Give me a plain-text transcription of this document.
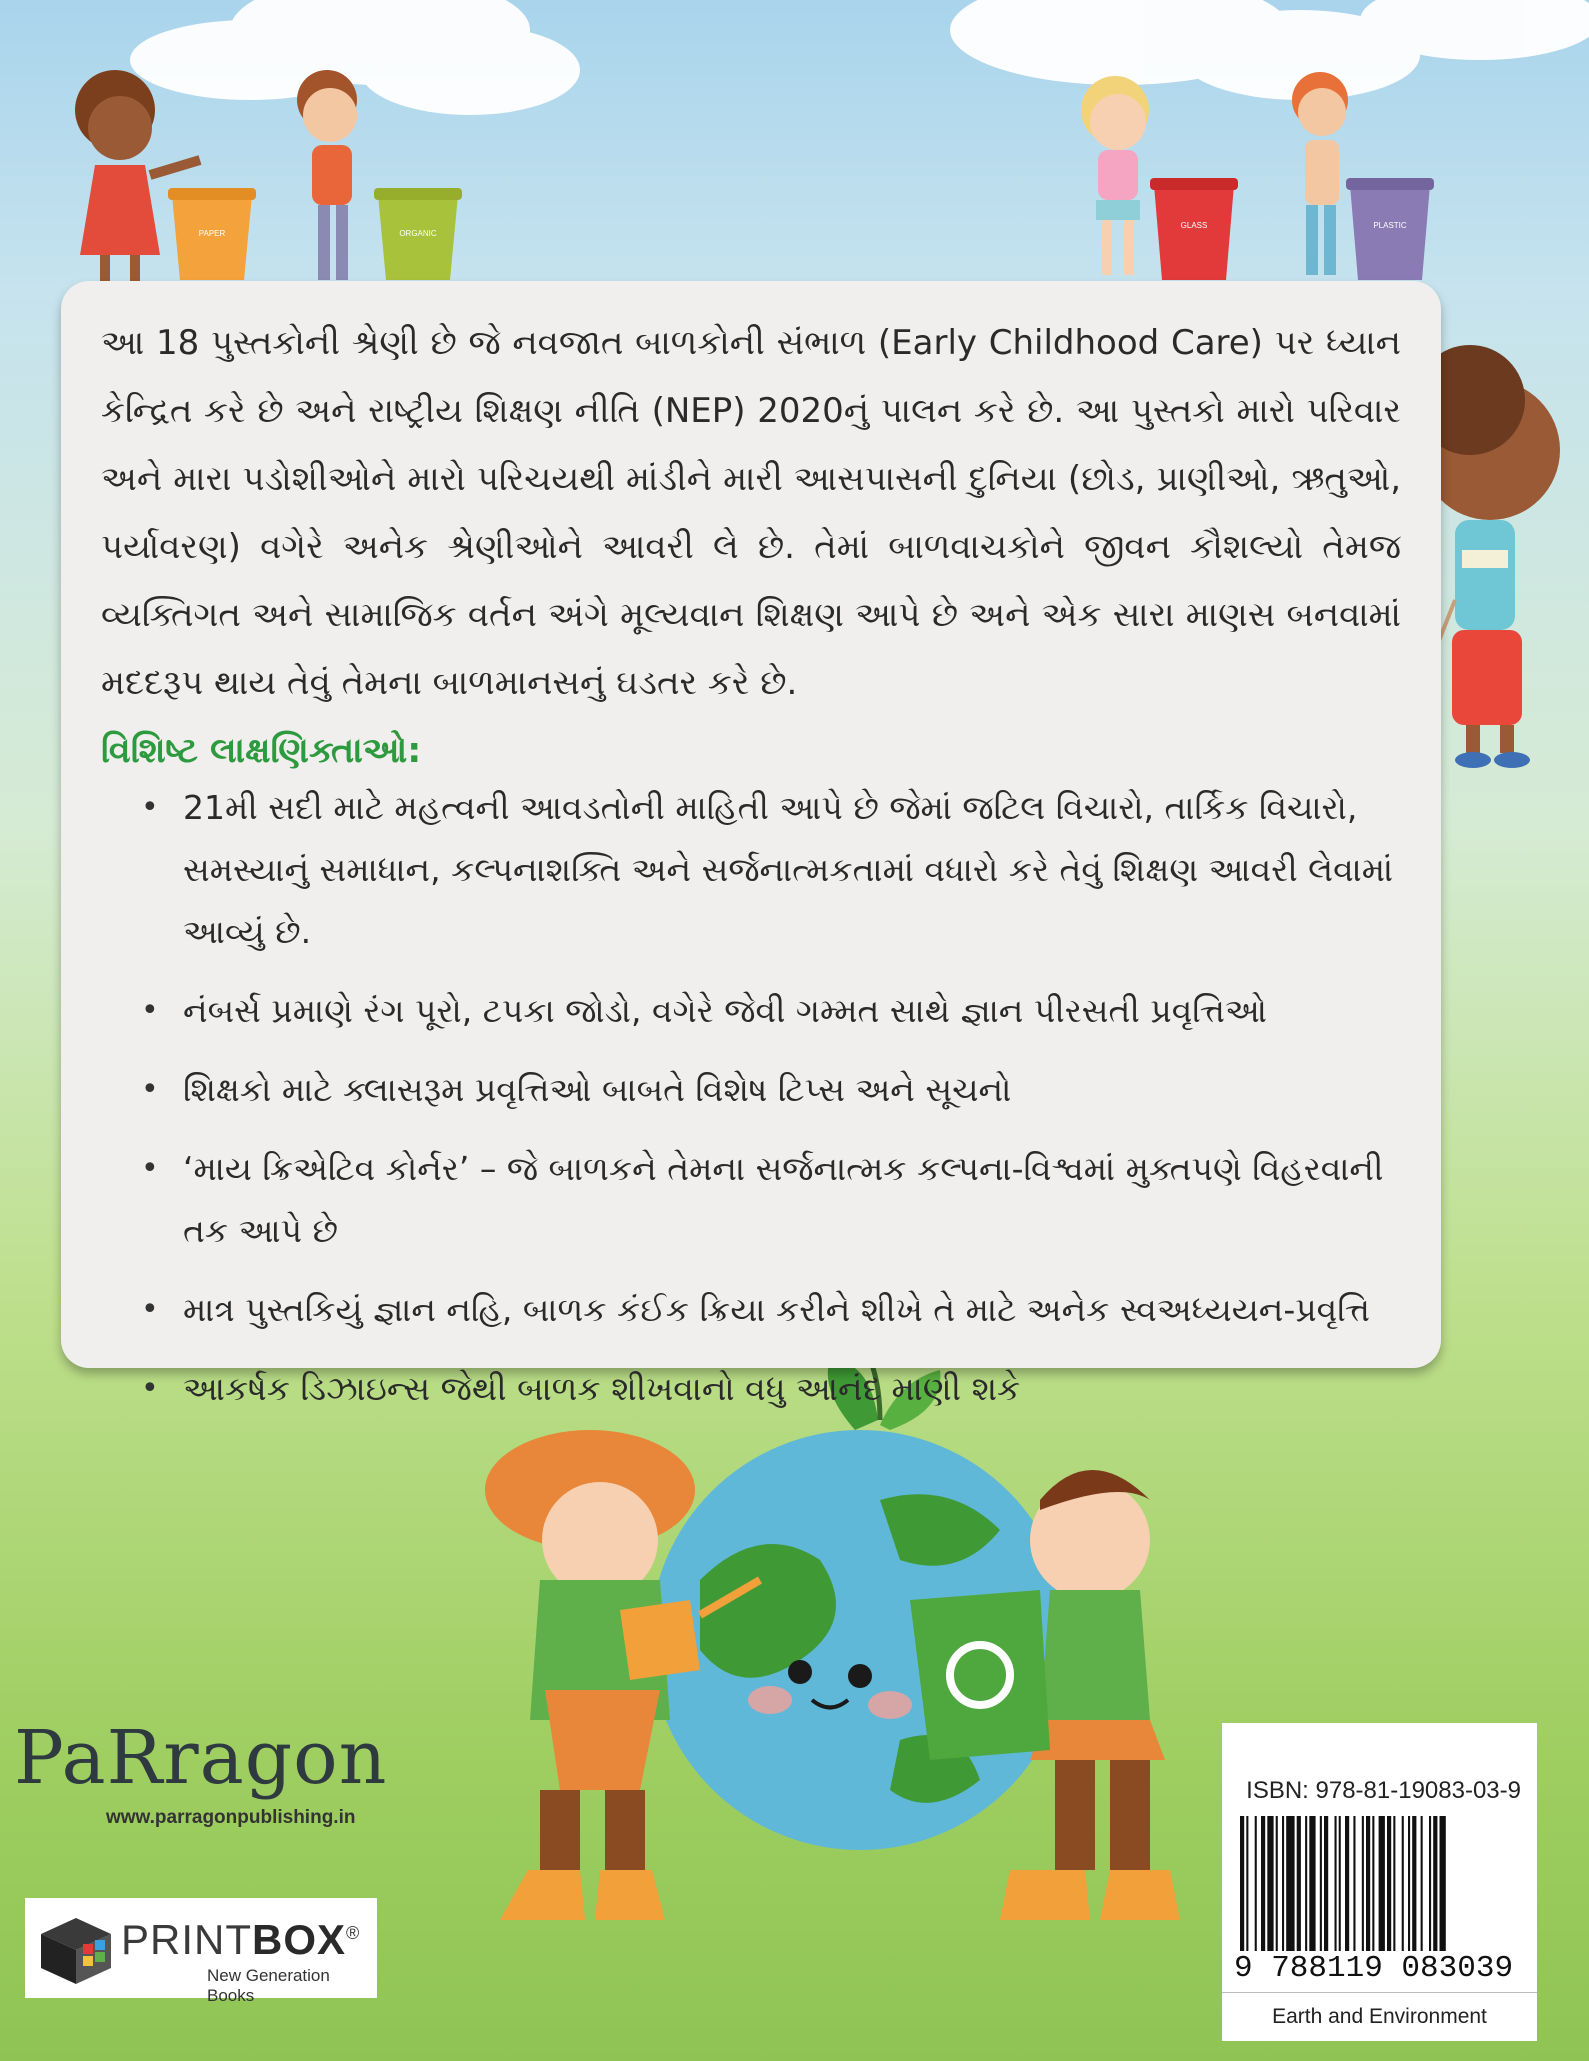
આ 18 પુસ્તકોની શ્રેણી છે જે નવજાત બાળકોની સંભાળ (Early Childhood Care) પર ધ્યાન કેન્દ્રિત કરે છે અને રાષ્ટ્રીય શિક્ષણ નીતિ (NEP) 2020નું પાલન કરે છે. આ પુસ્તકો મારો પરિવાર અને મારા પડોશીઓને મારો પરિચયથી માંડીને મારી આસપાસની દુનિયા (છોડ, પ્રાણીઓ, ઋતુઓ, પર્યાવરણ) વગેરે અનેક શ્રેણીઓને આવરી લે છે. તેમાં બાળવાચકોને જીવન કૌશલ્યો તેમજ વ્યક્તિગત અને સામાજિક વર્તન અંગે મૂલ્યવાન શિક્ષણ આપે છે અને એક સારા માણસ બનવામાં મદદરૂપ થાય તેવું તેમના બાળમાનસનું ઘડતર કરે છે.

વિશિષ્ટ લાક્ષણિક્તાઓ:
• 21મી સદી માટે મહત્વની આવડતોની માહિતી આપે છે જેમાં જટિલ વિચારો, તાર્કિક વિચારો, સમસ્યાનું સમાધાન, કલ્પનાશક્તિ અને સર્જનાત્મકતામાં વધારો કરે તેવું શિક્ષણ આવરી લેવામાં આવ્યું છે.
• નંબર્સ પ્રમાણે રંગ પૂરો, ટપકા જોડો, વગેરે જેવી ગમ્મત સાથે જ્ઞાન પીરસતી પ્રવૃત્તિઓ
• શિક્ષકો માટે ક્લાસરૂમ પ્રવૃત્તિઓ બાબતે વિશેષ ટિપ્સ અને સૂચનો
• ‘માય ક્રિએટિવ કોર્નર’ – જે બાળકને તેમના સર્જનાત્મક કલ્પના-વિશ્વમાં મુક્તપણે વિહરવાની તક આપે છે
• માત્ર પુસ્તકિયું જ્ઞાન નહિ, બાળક કંઈક ક્રિયા કરીને શીખે તે માટે અનેક સ્વઅધ્યયન-પ્રવૃત્તિ
• આકર્ષક ડિઝાઇન્સ જેથી બાળક શીખવાનો વધુ આનંદ માણી શકે
PAPER	ORGANIC
GLASS	PLASTIC
PaRragon
www.parragonpublishing.in
PRINTBOX®
New Generation Books
ISBN: 978-81-19083-03-9
9 788119 083039
Earth and Environment
